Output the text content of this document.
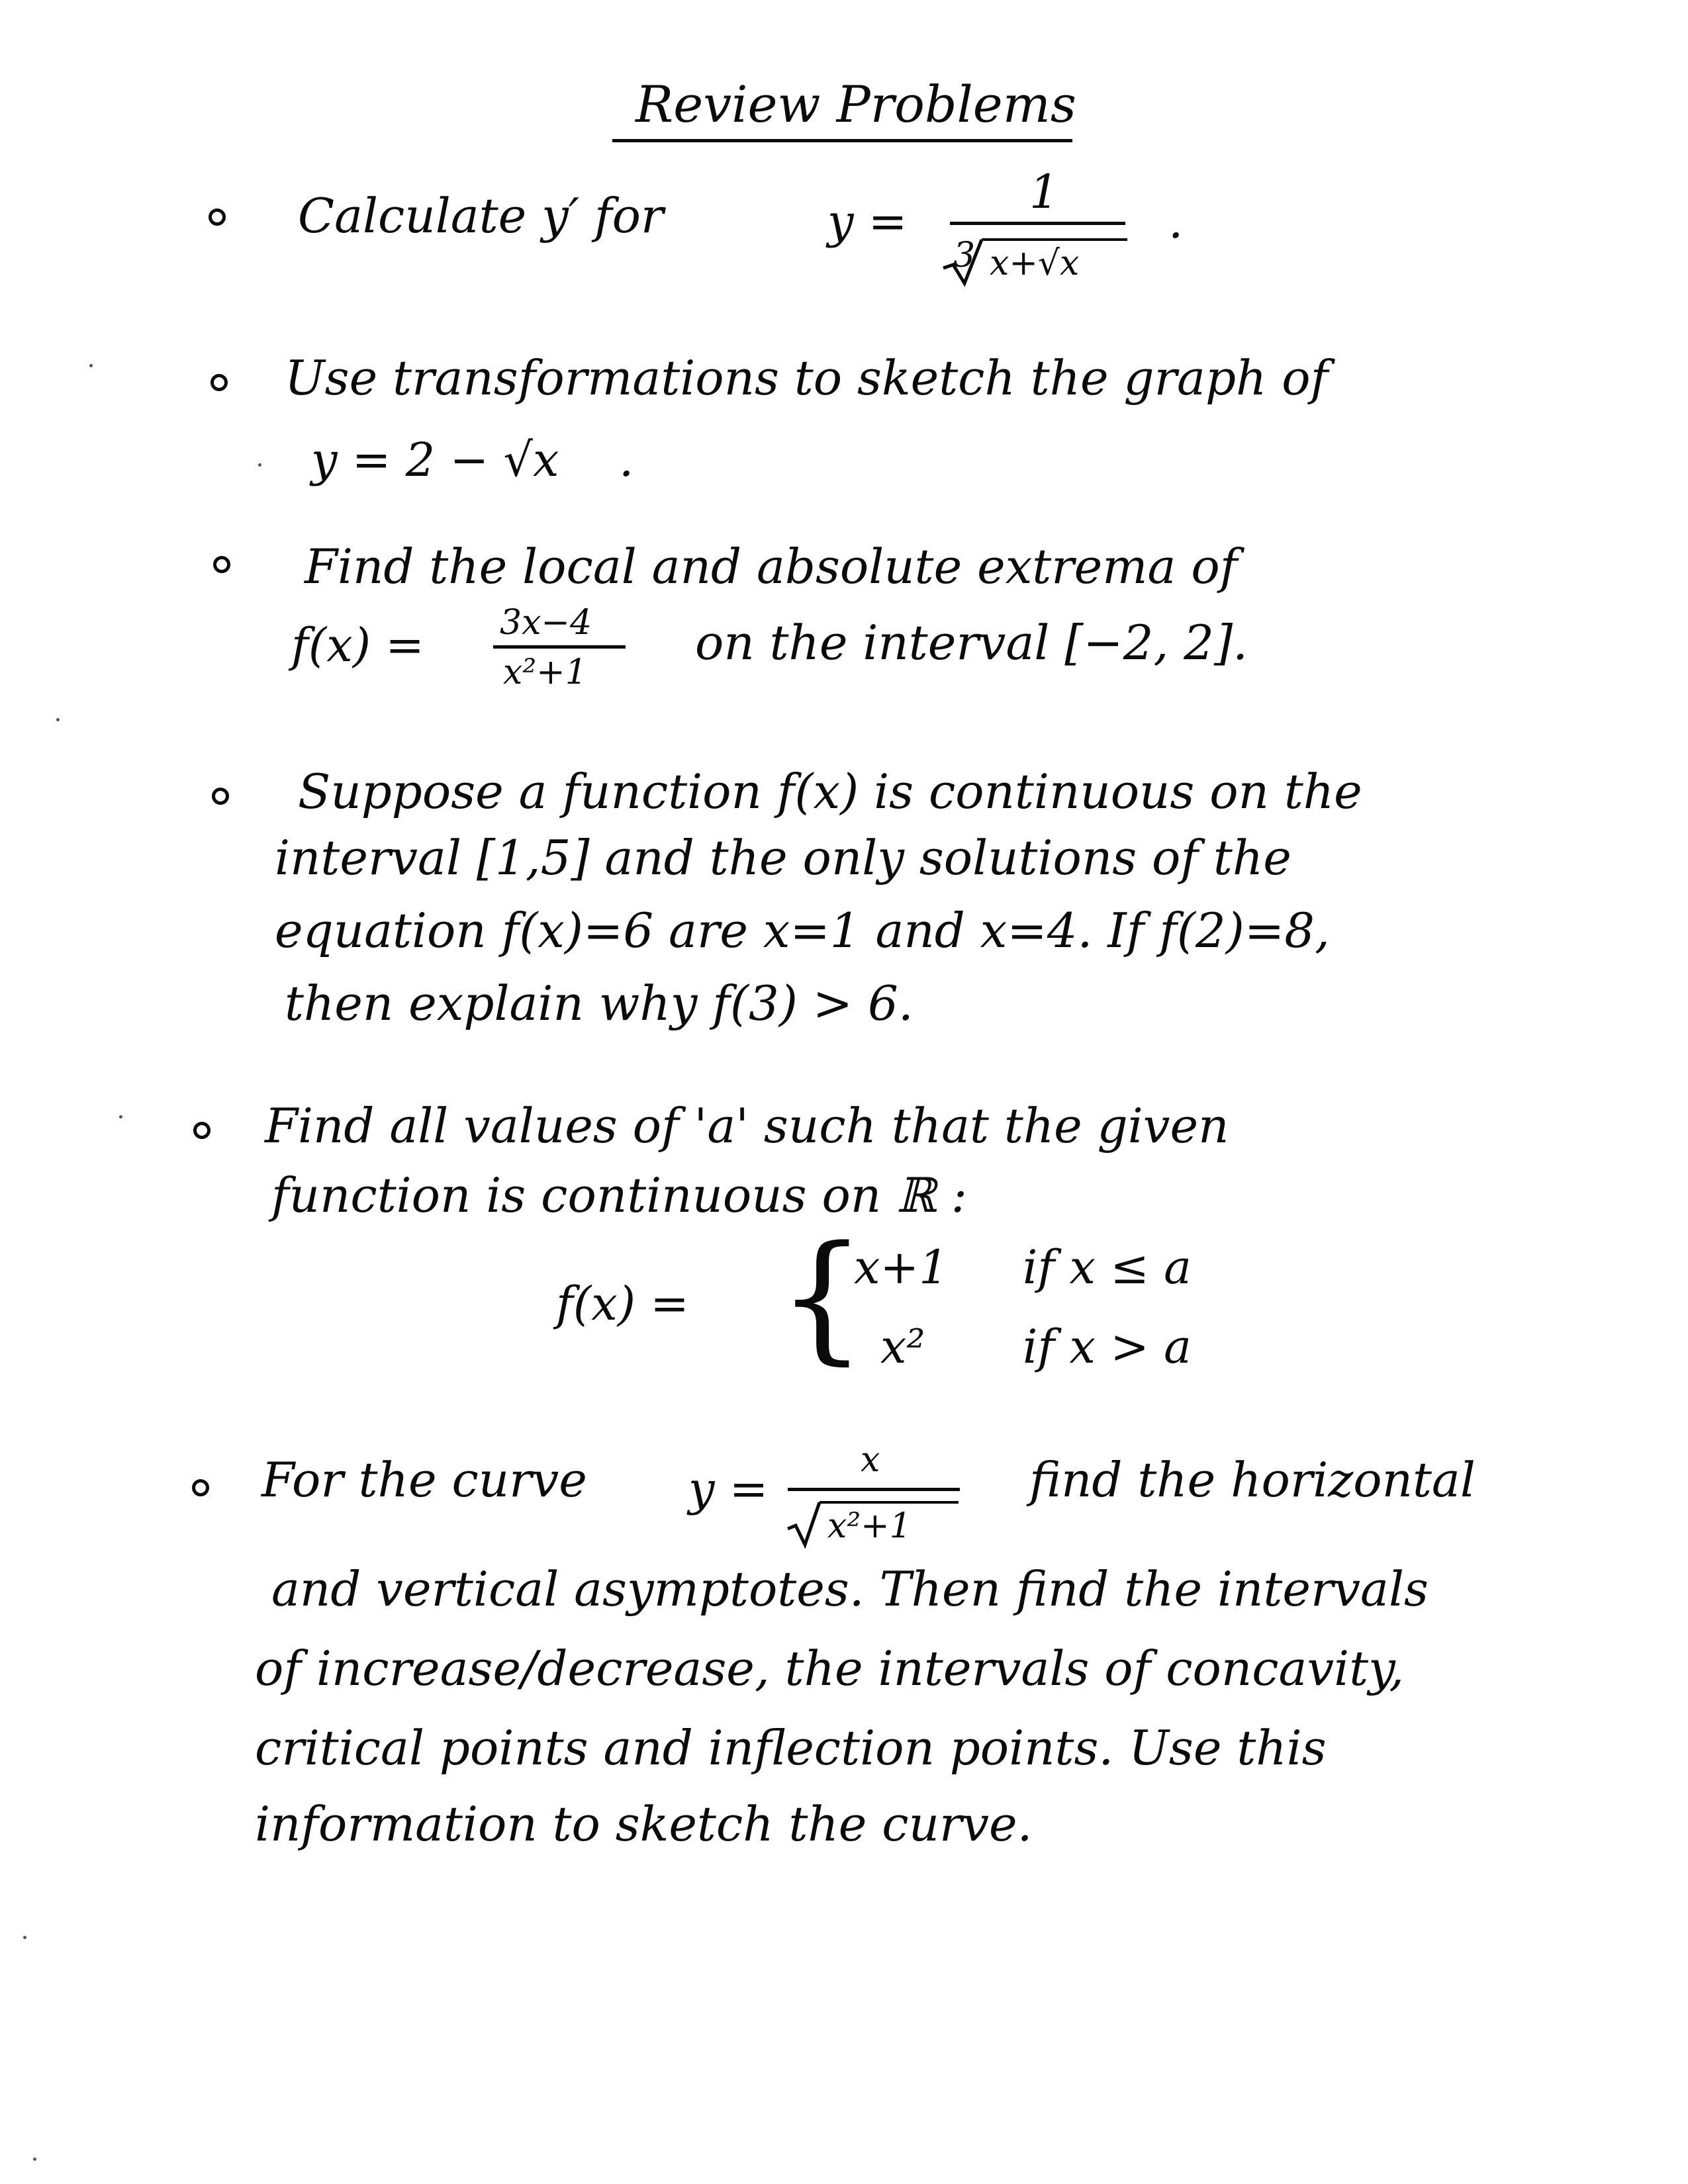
Review Problems
Calculate y′ for	y =
1
3 x+√x
.
Use transformations to sketch the graph of
y = 2 − √x .
Find the local and absolute extrema of
f(x) = 3x−4
x²+1
on the interval [−2, 2].
Suppose a function f(x) is continuous on the
interval [1,5] and the only solutions of the
equation f(x)=6 are x=1 and x=4. If f(2)=8,
then explain why f(3) > 6.
Find all values of 'a' such that the given
function is continuous on ℝ :
f(x) = {
x+1 if x ≤ a
x² if x > a
For the curve y =
x
x²+1
find the horizontal
and vertical asymptotes. Then find the intervals
of increase/decrease, the intervals of concavity,
critical points and inflection points. Use this
information to sketch the curve.
